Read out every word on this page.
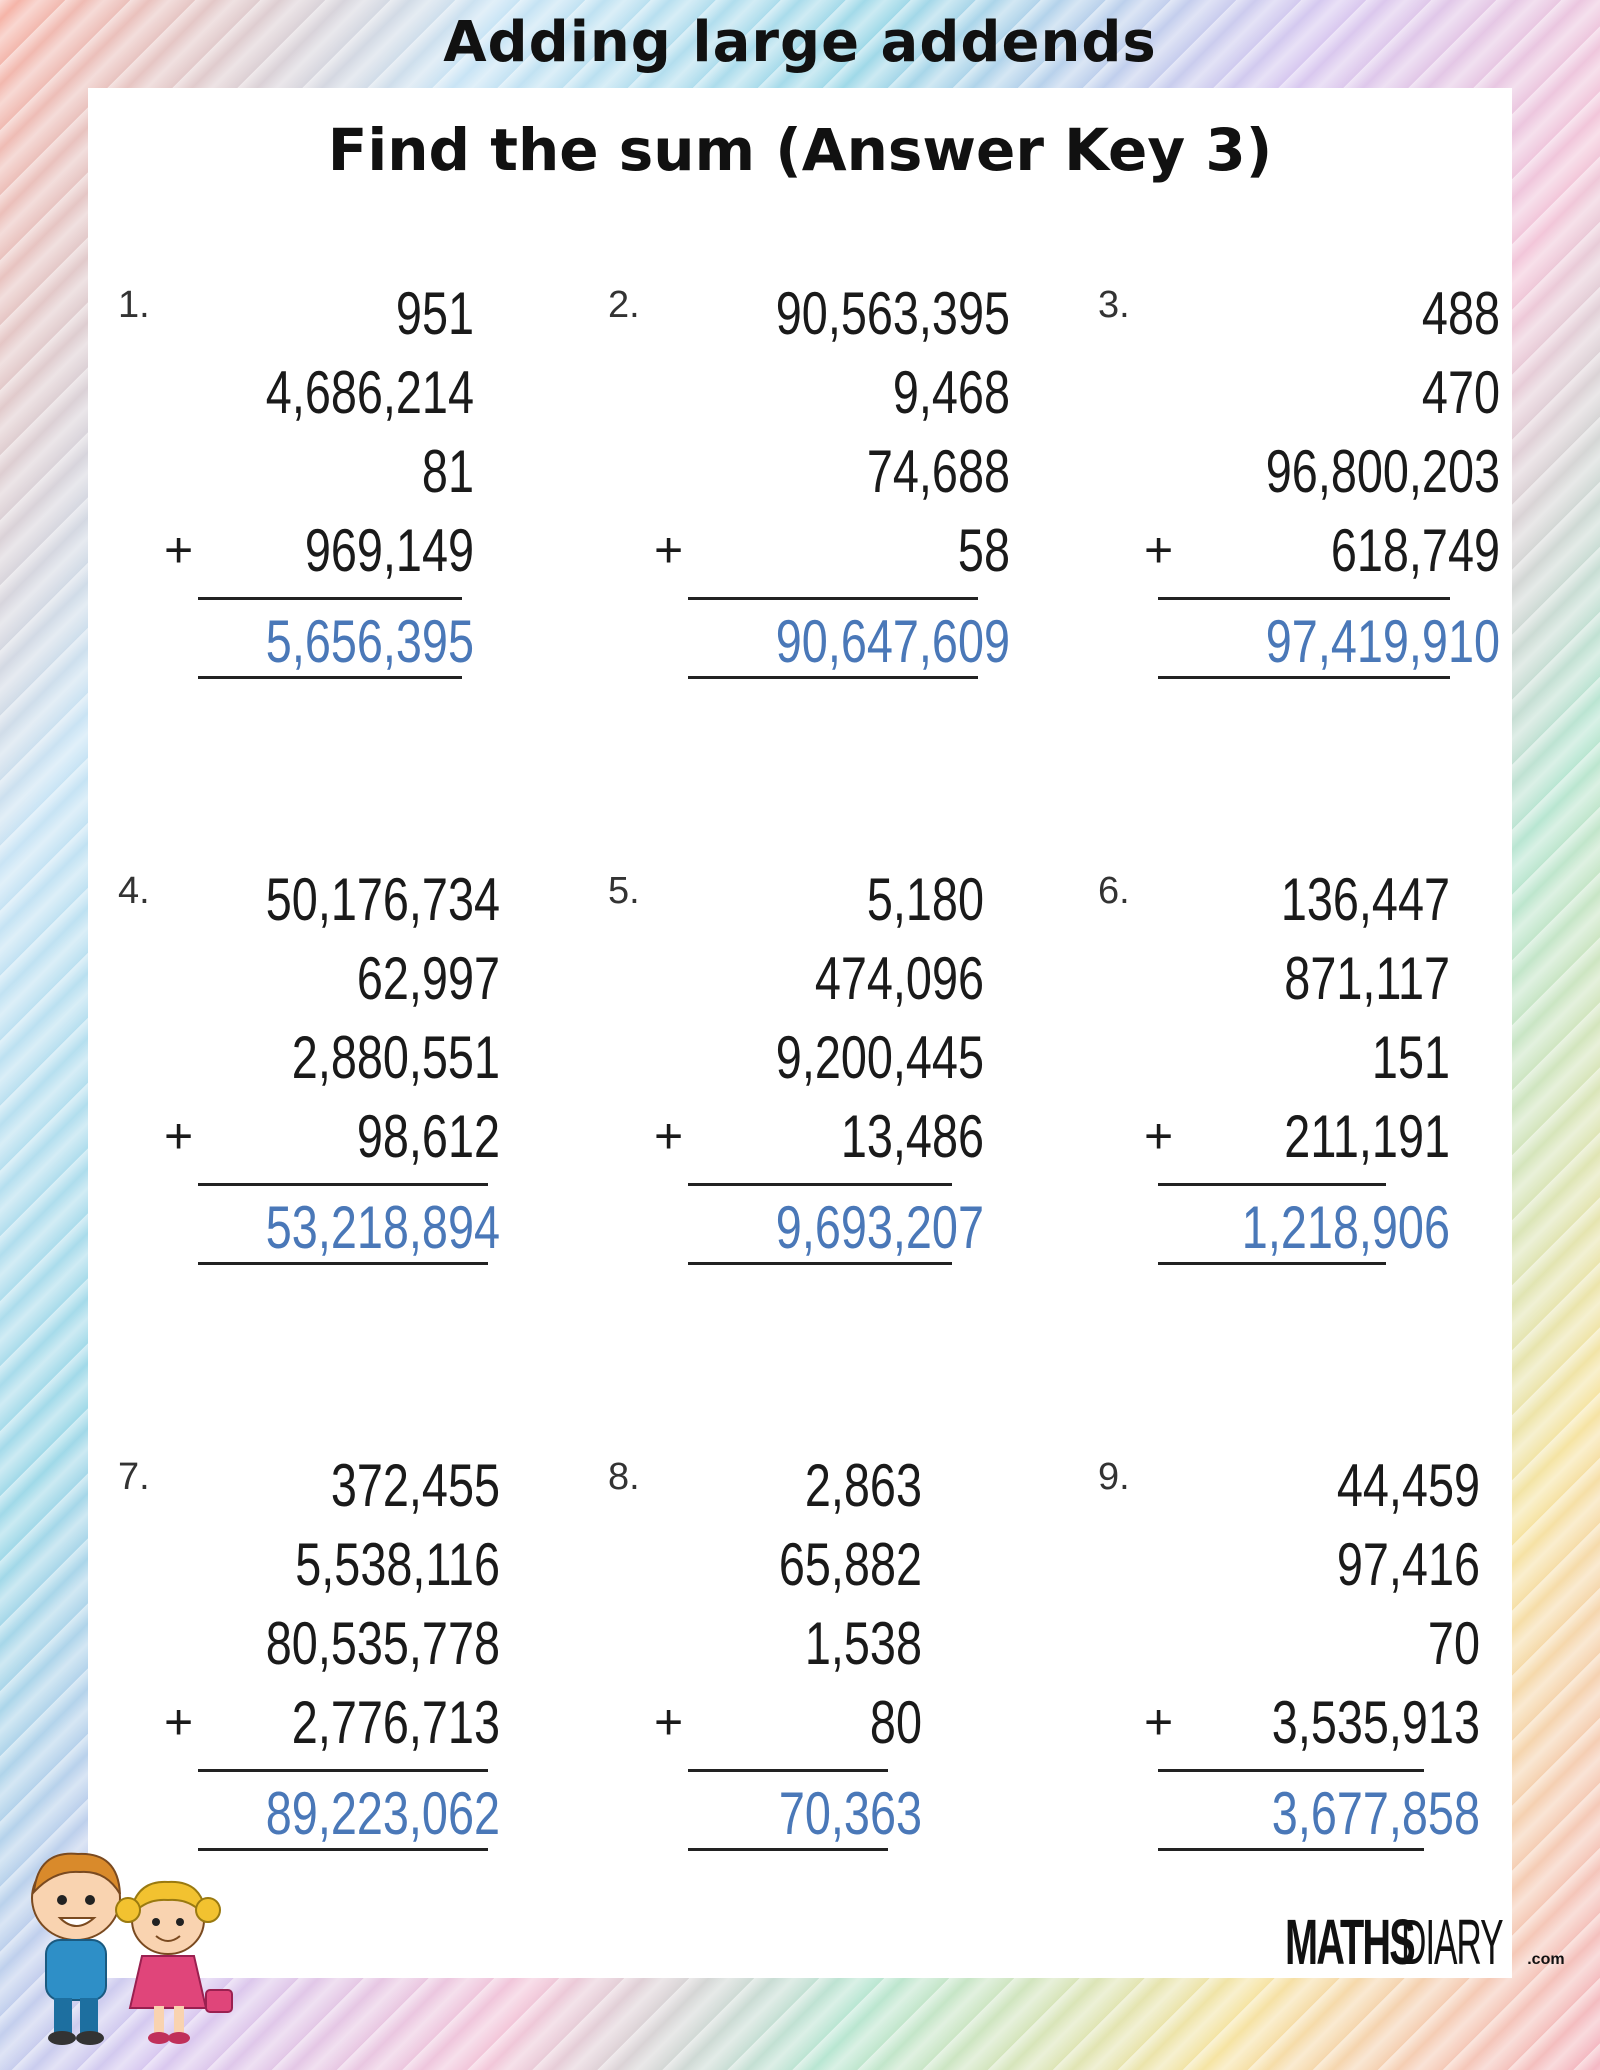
Adding large addends
Find the sum (Answer Key 3)
1.	951
4,686,214
81
969,149
+
5,656,395
2.	90,563,395
9,468
74,688
58
+
90,647,609
3.	488
470
96,800,203
618,749
+
97,419,910
4. 50,176,734
62,997
2,880,551
98,612
+
53,218,894
5.	5,180
474,096
9,200,445
13,486
+
9,693,207
6.	136,447
871,117
151
211,191
+
1,218,906
7.	372,455
5,538,116
80,535,778
2,776,713
+
89,223,062
8.	2,863
65,882
1,538
80
+
70,363
9.	44,459
97,416
70
3,535,913
+
3,677,858
MATHSDIARY .com
